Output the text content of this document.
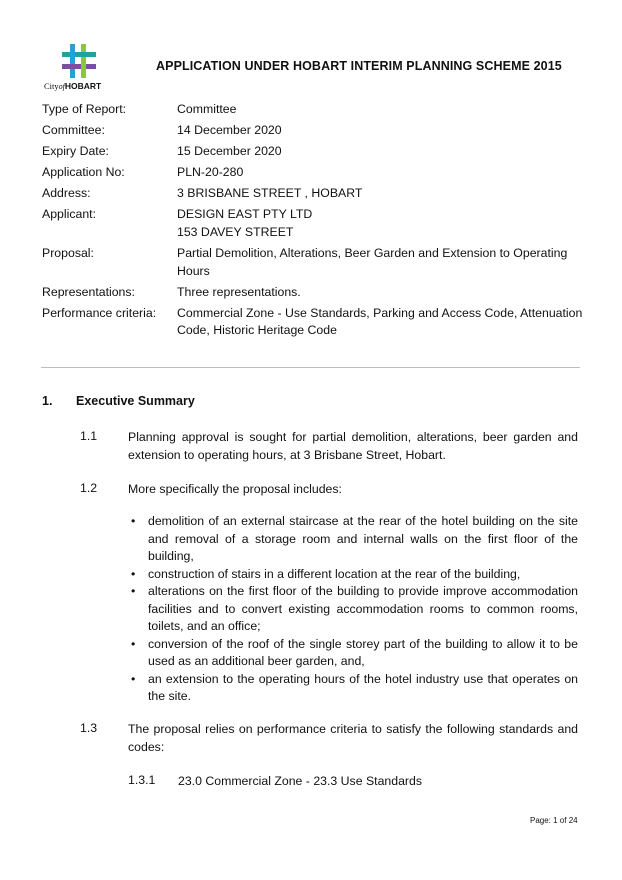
CityofHOBART
APPLICATION UNDER HOBART INTERIM PLANNING SCHEME 2015
Type of Report:	Committee
Committee:	14 December 2020
Expiry Date:	15 December 2020
Application No:	PLN-20-280
Address:	3 BRISBANE STREET , HOBART
Applicant:	DESIGN EAST PTY LTD
153 DAVEY STREET
Proposal:	Partial Demolition, Alterations, Beer Garden and Extension to Operating
Hours
Representations:	Three representations.
Performance criteria:	Commercial Zone - Use Standards, Parking and Access Code, Attenuation
Code, Historic Heritage Code
1. Executive Summary
1.1	Planning approval is sought for partial demolition, alterations, beer garden and extension to operating hours, at 3 Brisbane Street, Hobart.
1.2	More specifically the proposal includes:
• demolition of an external staircase at the rear of the hotel building on the site and removal of a storage room and internal walls on the first floor of the building,
• construction of stairs in a different location at the rear of the building,
• alterations on the first floor of the building to provide improve accommodation facilities and to convert existing accommodation rooms to common rooms, toilets, and an office;
• conversion of the roof of the single storey part of the building to allow it to be used as an additional beer garden, and,
• an extension to the operating hours of the hotel industry use that operates on the site.
1.3	The proposal relies on performance criteria to satisfy the following standards and codes:
1.3.1 23.0 Commercial Zone - 23.3 Use Standards
Page: 1 of 24
